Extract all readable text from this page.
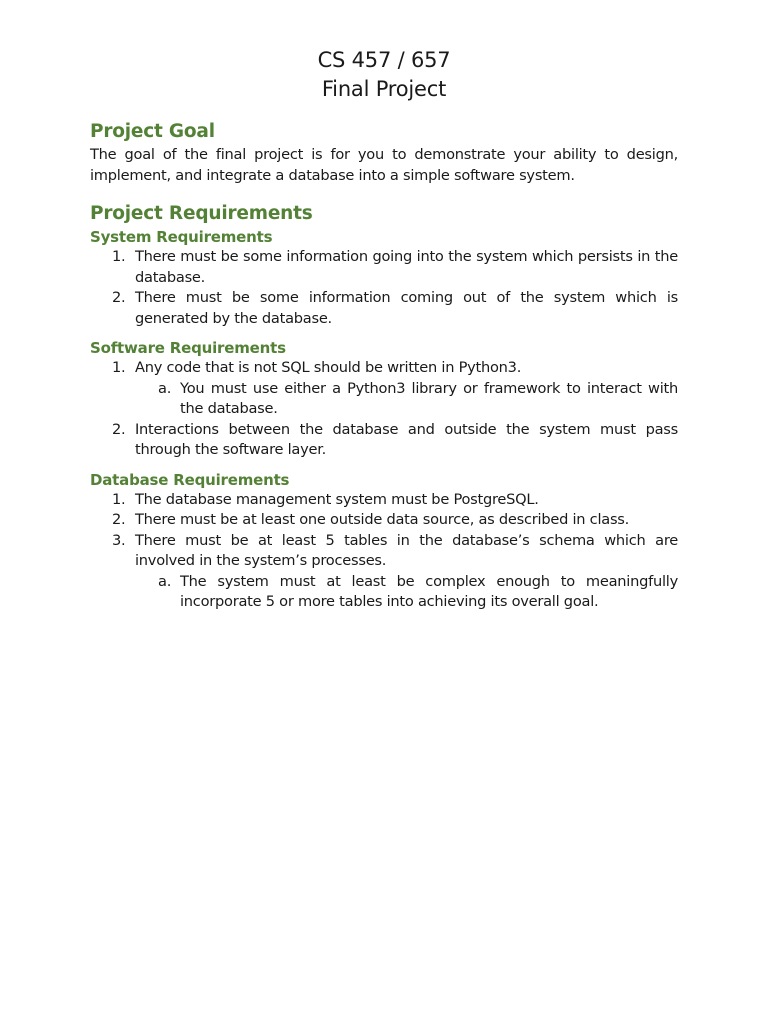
CS 457 / 657
Final Project
Project Goal

The goal of the final project is for you to demonstrate your ability to design, implement, and integrate a database into a simple software system.

Project Requirements
System Requirements
1. There must be some information going into the system which persists in the database.
2. There must be some information coming out of the system which is generated by the database.
Software Requirements
1. Any code that is not SQL should be written in Python3.
a. You must use either a Python3 library or framework to interact with the database.
2. Interactions between the database and outside the system must pass through the software layer.
Database Requirements
1. The database management system must be PostgreSQL.
2. There must be at least one outside data source, as described in class.
3. There must be at least 5 tables in the database’s schema which are involved in the system’s processes.
a. The system must at least be complex enough to meaningfully incorporate 5 or more tables into achieving its overall goal.
